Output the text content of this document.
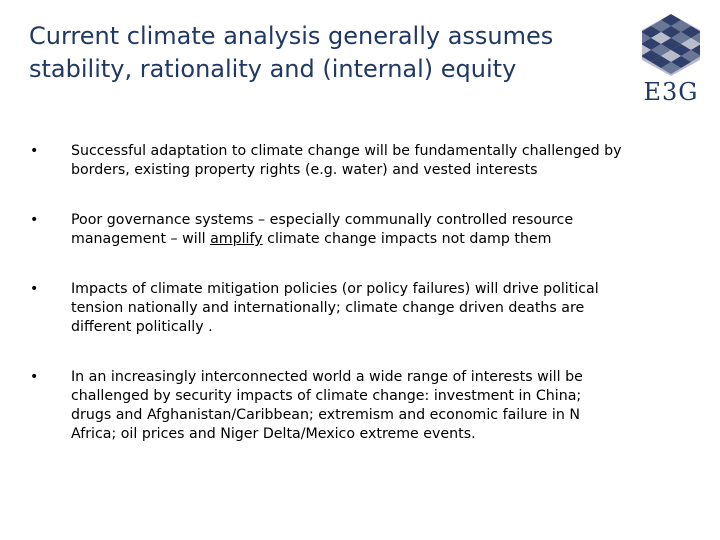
Current climate analysis generally assumes
stability, rationality and (internal) equity
E3G
• Successful adaptation to climate change will be fundamentally challenged by
borders, existing property rights (e.g. water) and vested interests
• Poor governance systems – especially communally controlled resource
management – will amplify climate change impacts not damp them
• Impacts of climate mitigation policies (or policy failures) will drive political
tension nationally and internationally; climate change driven deaths are
different politically .
• In an increasingly interconnected world a wide range of interests will be
challenged by security impacts of climate change: investment in China;
drugs and Afghanistan/Caribbean; extremism and economic failure in N
Africa; oil prices and Niger Delta/Mexico extreme events.
